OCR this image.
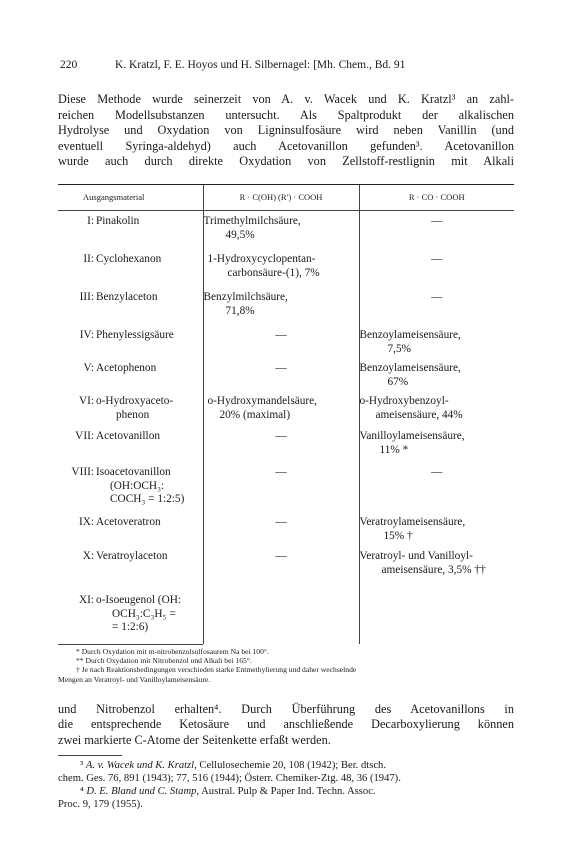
220	K. Kratzl, F. E. Hoyos und H. Silbernagel: [Mh. Chem., Bd. 91

Diese Methode wurde seinerzeit von A. v. Wacek und K. Kratzl³ an zahl-

reichen Modellsubstanzen untersucht. Als Spaltprodukt der alkalischen

Hydrolyse und Oxydation von Ligninsulfosäure wird neben Vanillin (und

eventuell Syringa-aldehyd) auch Acetovanillon gefunden³. Acetovanillon

wurde auch durch direkte Oxydation von Zellstoff-restlignin mit Alkali

Ausgangsmaterial	R · C(OH) (R′) · COOH	R · CO · COOH

I: Pinakolin	Trimethylmilchsäure,
49,5%	—

II: Cyclohexanon	1-Hydroxycyclopentan-
carbonsäure-(1), 7%	—

III: Benzylaceton	Benzylmilchsäure,
71,8%	—

IV: Phenylessigsäure	—	Benzoylameisensäure,
7,5%

V: Acetophenon	—	Benzoylameisensäure,
67%

VI: o-Hydroxyaceto-
phenon	o-Hydroxymandelsäure,
20% (maximal)	o-Hydroxybenzoyl-
ameisensäure, 44%

VII: Acetovanillon	—	Vanilloylameisensäure,
11% *

VIII: Isoacetovanillon
(OH:OCH₃:
COCH₃ = 1:2:5)	—	—

IX: Acetoveratron	—	Veratroylameisensäure,
15% †

X: Veratroylaceton	—	Veratroyl- und Vanilloyl-
ameisensäure, 3,5% ††

XI: o-Isoeugenol (OH:
OCH₃:C₃H₅ =
= 1:2:6)		

* Durch Oxydation mit m-nitrobenzolsulfosaurem Na bei 100°.
** Durch Oxydation mit Nitrobenzol und Alkali bei 165°.
† Je nach Reaktionsbedingungen verschieden starke Entmethylierung und daher wechselnde
Mengen an Veratroyl- und Vanilloylameisensäure.

und Nitrobenzol erhalten⁴. Durch Überführung des Acetovanillons in

die entsprechende Ketosäure und anschließende Decarboxylierung können

zwei markierte C-Atome der Seitenkette erfaßt werden.

³ A. v. Wacek und K. Kratzl, Cellulosechemie 20, 108 (1942); Ber. dtsch.

chem. Ges. 76, 891 (1943); 77, 516 (1944); Österr. Chemiker-Ztg. 48, 36 (1947).

⁴ D. E. Bland und C. Stamp, Austral. Pulp & Paper Ind. Techn. Assoc.

Proc. 9, 179 (1955).
